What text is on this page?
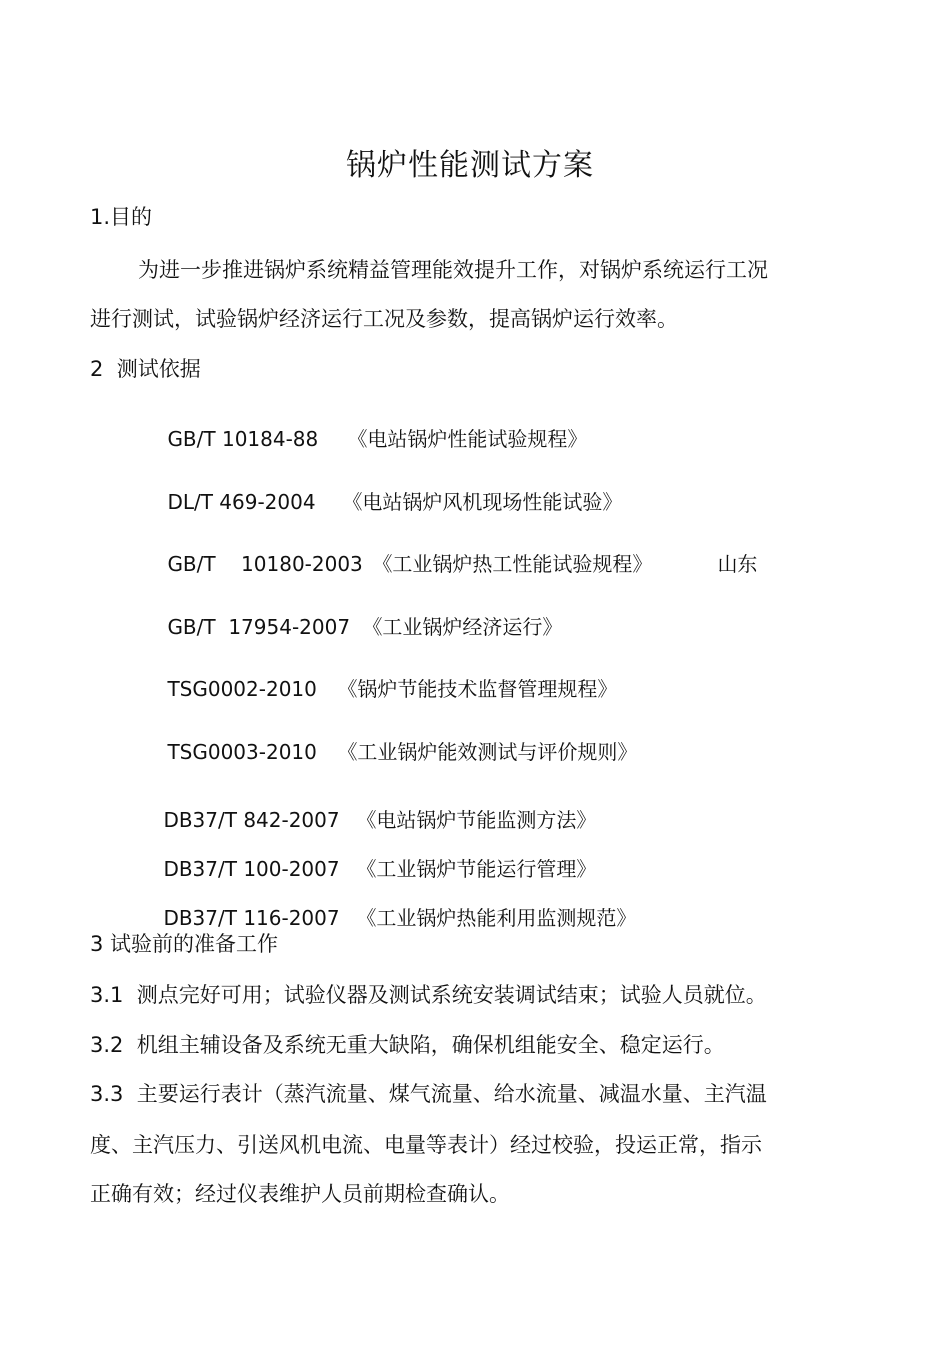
锅炉性能测试方案
1.目的
为进一步推进锅炉系统精益管理能效提升工作，对锅炉系统运行工况
进行测试，试验锅炉经济运行工况及参数，提高锅炉运行效率。
2  测试依据

GB/T 10184-88 《电站锅炉性能试验规程》

DL/T 469-2004 《电站锅炉风机现场性能试验》

GB/T    10180-2003 《工业锅炉热工性能试验规程》	山东

GB/T  17954-2007 《工业锅炉经济运行》

TSG0002-2010 《锅炉节能技术监督管理规程》

TSG0003-2010 《工业锅炉能效测试与评价规则》

DB37/T 842-2007 《电站锅炉节能监测方法》

DB37/T 100-2007 《工业锅炉节能运行管理》

DB37/T 116-2007 《工业锅炉热能利用监测规范》

3 试验前的准备工作
3.1  测点完好可用；试验仪器及测试系统安装调试结束；试验人员就位。
3.2  机组主辅设备及系统无重大缺陷，确保机组能安全、稳定运行。
3.3  主要运行表计（蒸汽流量、煤气流量、给水流量、减温水量、主汽温
度、主汽压力、引送风机电流、电量等表计）经过校验，投运正常，指示
正确有效；经过仪表维护人员前期检查确认。
